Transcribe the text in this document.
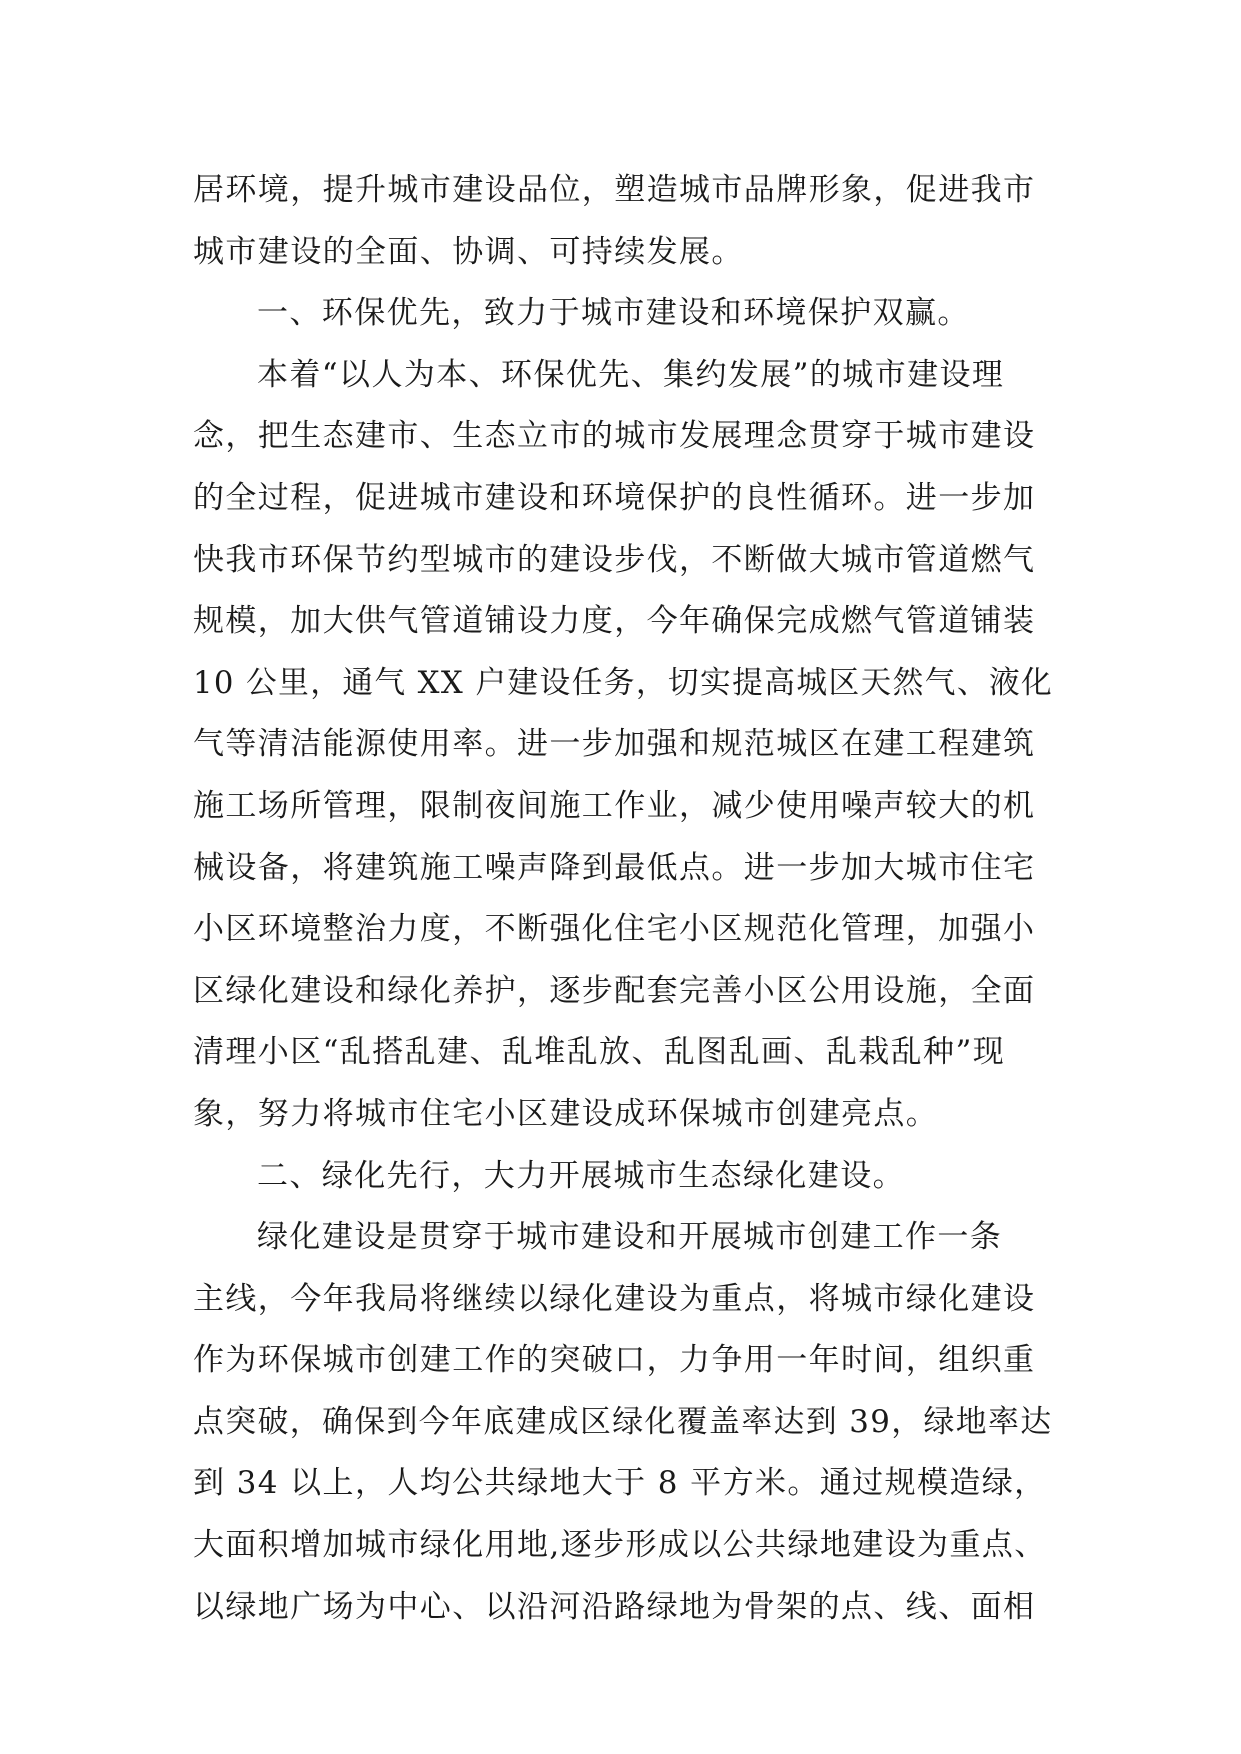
居环境，提升城市建设品位，塑造城市品牌形象，促进我市
城市建设的全面、协调、可持续发展。
一、环保优先，致力于城市建设和环境保护双赢。
本着“以人为本、环保优先、集约发展”的城市建设理
念，把生态建市、生态立市的城市发展理念贯穿于城市建设
的全过程，促进城市建设和环境保护的良性循环。进一步加
快我市环保节约型城市的建设步伐，不断做大城市管道燃气
规模，加大供气管道铺设力度，今年确保完成燃气管道铺装
10 公里，通气 XX 户建设任务，切实提高城区天然气、液化
气等清洁能源使用率。进一步加强和规范城区在建工程建筑
施工场所管理，限制夜间施工作业，减少使用噪声较大的机
械设备，将建筑施工噪声降到最低点。进一步加大城市住宅
小区环境整治力度，不断强化住宅小区规范化管理，加强小
区绿化建设和绿化养护，逐步配套完善小区公用设施，全面
清理小区“乱搭乱建、乱堆乱放、乱图乱画、乱栽乱种”现
象，努力将城市住宅小区建设成环保城市创建亮点。
二、绿化先行，大力开展城市生态绿化建设。
绿化建设是贯穿于城市建设和开展城市创建工作一条
主线，今年我局将继续以绿化建设为重点，将城市绿化建设
作为环保城市创建工作的突破口，力争用一年时间，组织重
点突破，确保到今年底建成区绿化覆盖率达到 39，绿地率达
到 34 以上，人均公共绿地大于 8 平方米。通过规模造绿，
大面积增加城市绿化用地,逐步形成以公共绿地建设为重点、
以绿地广场为中心、以沿河沿路绿地为骨架的点、线、面相
